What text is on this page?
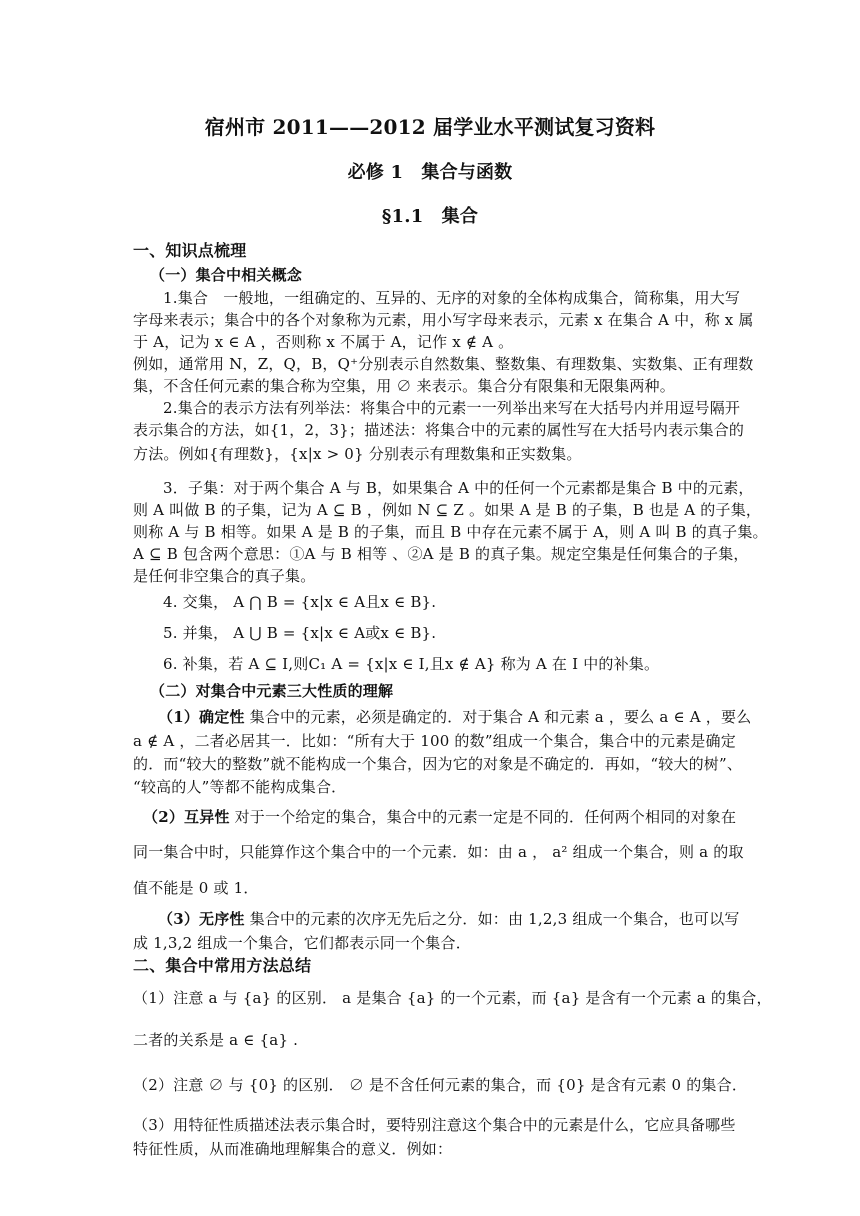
宿州市 2011——2012 届学业水平测试复习资料
必修 1　集合与函数
§1.1　集合
一、知识点梳理
（一）集合中相关概念
1.集合　一般地，一组确定的、互异的、无序的对象的全体构成集合，简称集，用大写
字母来表示；集合中的各个对象称为元素，用小写字母来表示，元素 x 在集合 A 中，称 x 属
于 A，记为 x ∈ A ，否则称 x 不属于 A，记作 x ∉ A 。
例如，通常用 N，Z，Q，B，Q⁺分别表示自然数集、整数集、有理数集、实数集、正有理数
集，不含任何元素的集合称为空集，用 ∅ 来表示。集合分有限集和无限集两种。
2.集合的表示方法有列举法：将集合中的元素一一列举出来写在大括号内并用逗号隔开
表示集合的方法，如{1，2，3}；描述法：将集合中的元素的属性写在大括号内表示集合的
方法。例如{有理数}，{x|x > 0} 分别表示有理数集和正实数集。
3．子集：对于两个集合 A 与 B，如果集合 A 中的任何一个元素都是集合 B 中的元素，
则 A 叫做 B 的子集，记为 A ⊆ B ，例如 N ⊆ Z 。如果 A 是 B 的子集，B 也是 A 的子集，
则称 A 与 B 相等。如果 A 是 B 的子集，而且 B 中存在元素不属于 A，则 A 叫 B 的真子集。
A ⊆ B 包含两个意思：①A 与 B 相等 、②A 是 B 的真子集。规定空集是任何集合的子集，
是任何非空集合的真子集。
4. 交集， A ⋂ B = {x|x ∈ A且x ∈ B}.
5. 并集， A ⋃ B = {x|x ∈ A或x ∈ B}.
6. 补集，若 A ⊆ I,则C₁ A = {x|x ∈ I,且x ∉ A} 称为 A 在 I 中的补集。
（二）对集合中元素三大性质的理解
（1）确定性 集合中的元素，必须是确定的．对于集合 A 和元素 a ，要么 a ∈ A ，要么
a ∉ A ，二者必居其一．比如：“所有大于 100 的数”组成一个集合，集合中的元素是确定
的．而“较大的整数”就不能构成一个集合，因为它的对象是不确定的．再如，“较大的树”、
“较高的人”等都不能构成集合．
（2）互异性 对于一个给定的集合，集合中的元素一定是不同的．任何两个相同的对象在
同一集合中时，只能算作这个集合中的一个元素．如：由 a ， a² 组成一个集合，则 a 的取
值不能是 0 或 1．
（3）无序性 集合中的元素的次序无先后之分．如：由 1,2,3 组成一个集合，也可以写
成 1,3,2 组成一个集合，它们都表示同一个集合．
二、集合中常用方法总结
（1）注意 a 与 {a} 的区别． a 是集合 {a} 的一个元素，而 {a} 是含有一个元素 a 的集合，
二者的关系是 a ∈ {a} .
（2）注意 ∅ 与 {0} 的区别． ∅ 是不含任何元素的集合，而 {0} 是含有元素 0 的集合．
（3）用特征性质描述法表示集合时，要特别注意这个集合中的元素是什么，它应具备哪些
特征性质，从而准确地理解集合的意义．例如：
